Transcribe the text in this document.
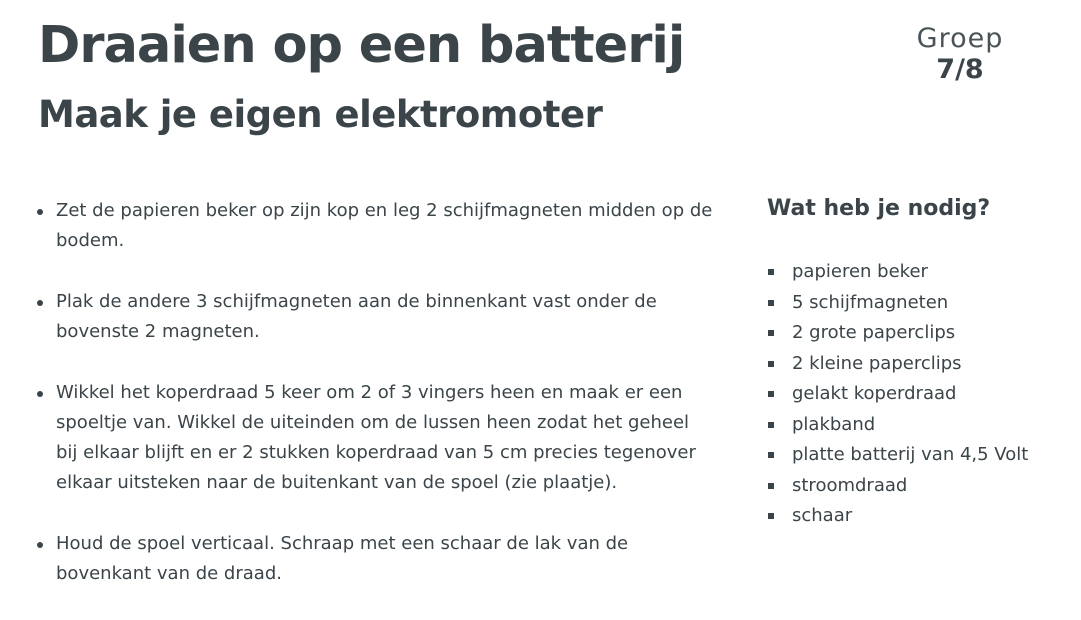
Draaien op een batterij
Maak je eigen elektromoter
Groep
7/8
Zet de papieren beker op zijn kop en leg 2 schijfmagneten midden op de bodem.
Plak de andere 3 schijfmagneten aan de binnenkant vast onder de bovenste 2 magneten.
Wikkel het koperdraad 5 keer om 2 of 3 vingers heen en maak er een spoeltje van. Wikkel de uiteinden om de lussen heen zodat het geheel bij elkaar blijft en er 2 stukken koperdraad van 5 cm precies tegenover elkaar uitsteken naar de buitenkant van de spoel (zie plaatje).
Houd de spoel verticaal. Schraap met een schaar de lak van de bovenkant van de draad.
Wat heb je nodig?
papieren beker
5 schijfmagneten
2 grote paperclips
2 kleine paperclips
gelakt koperdraad
plakband
platte batterij van 4,5 Volt
stroomdraad
schaar
